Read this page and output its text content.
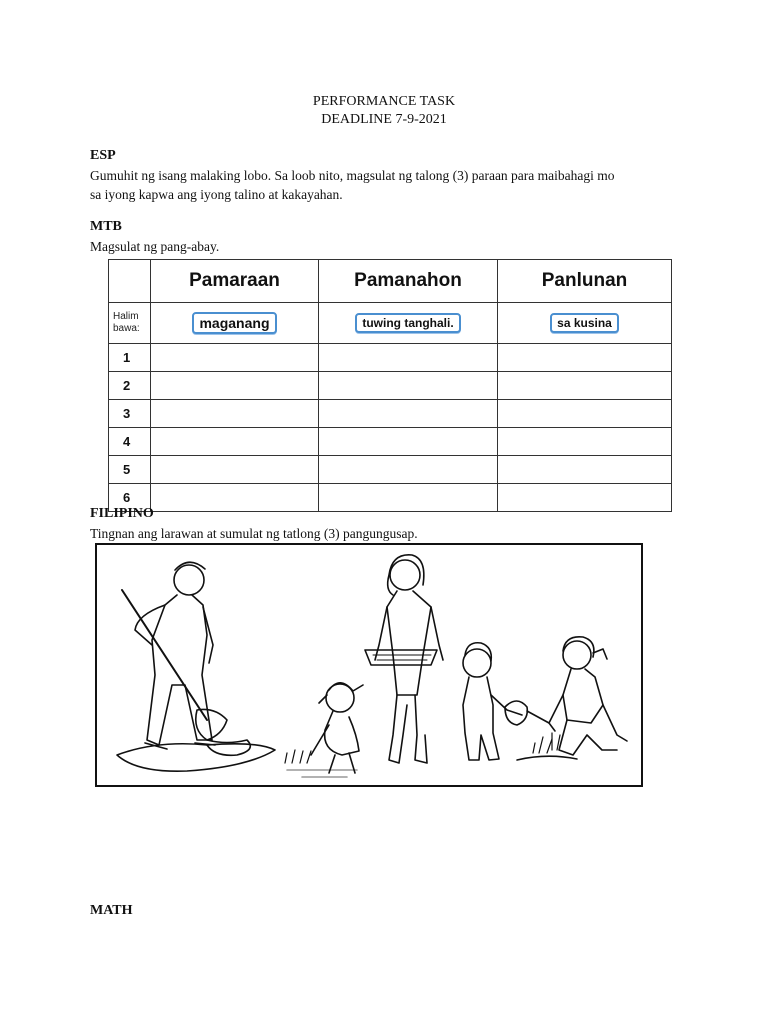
PERFORMANCE TASK
DEADLINE 7-9-2021
ESP
Gumuhit ng isang malaking lobo. Sa loob nito, magsulat ng talong (3) paraan para maibahagi mo
sa iyong kapwa ang iyong talino at kakayahan.
MTB
Magsulat ng pang-abay.
	Pamaraan	Pamanahon	Panlunan

Halim
bawa:	maganang	tuwing tanghali.	sa kusina
1			
2			
3			
4			
5			
6			
FILIPINO
Tingnan ang larawan at sumulat ng tatlong (3) pangungusap.
MATH
